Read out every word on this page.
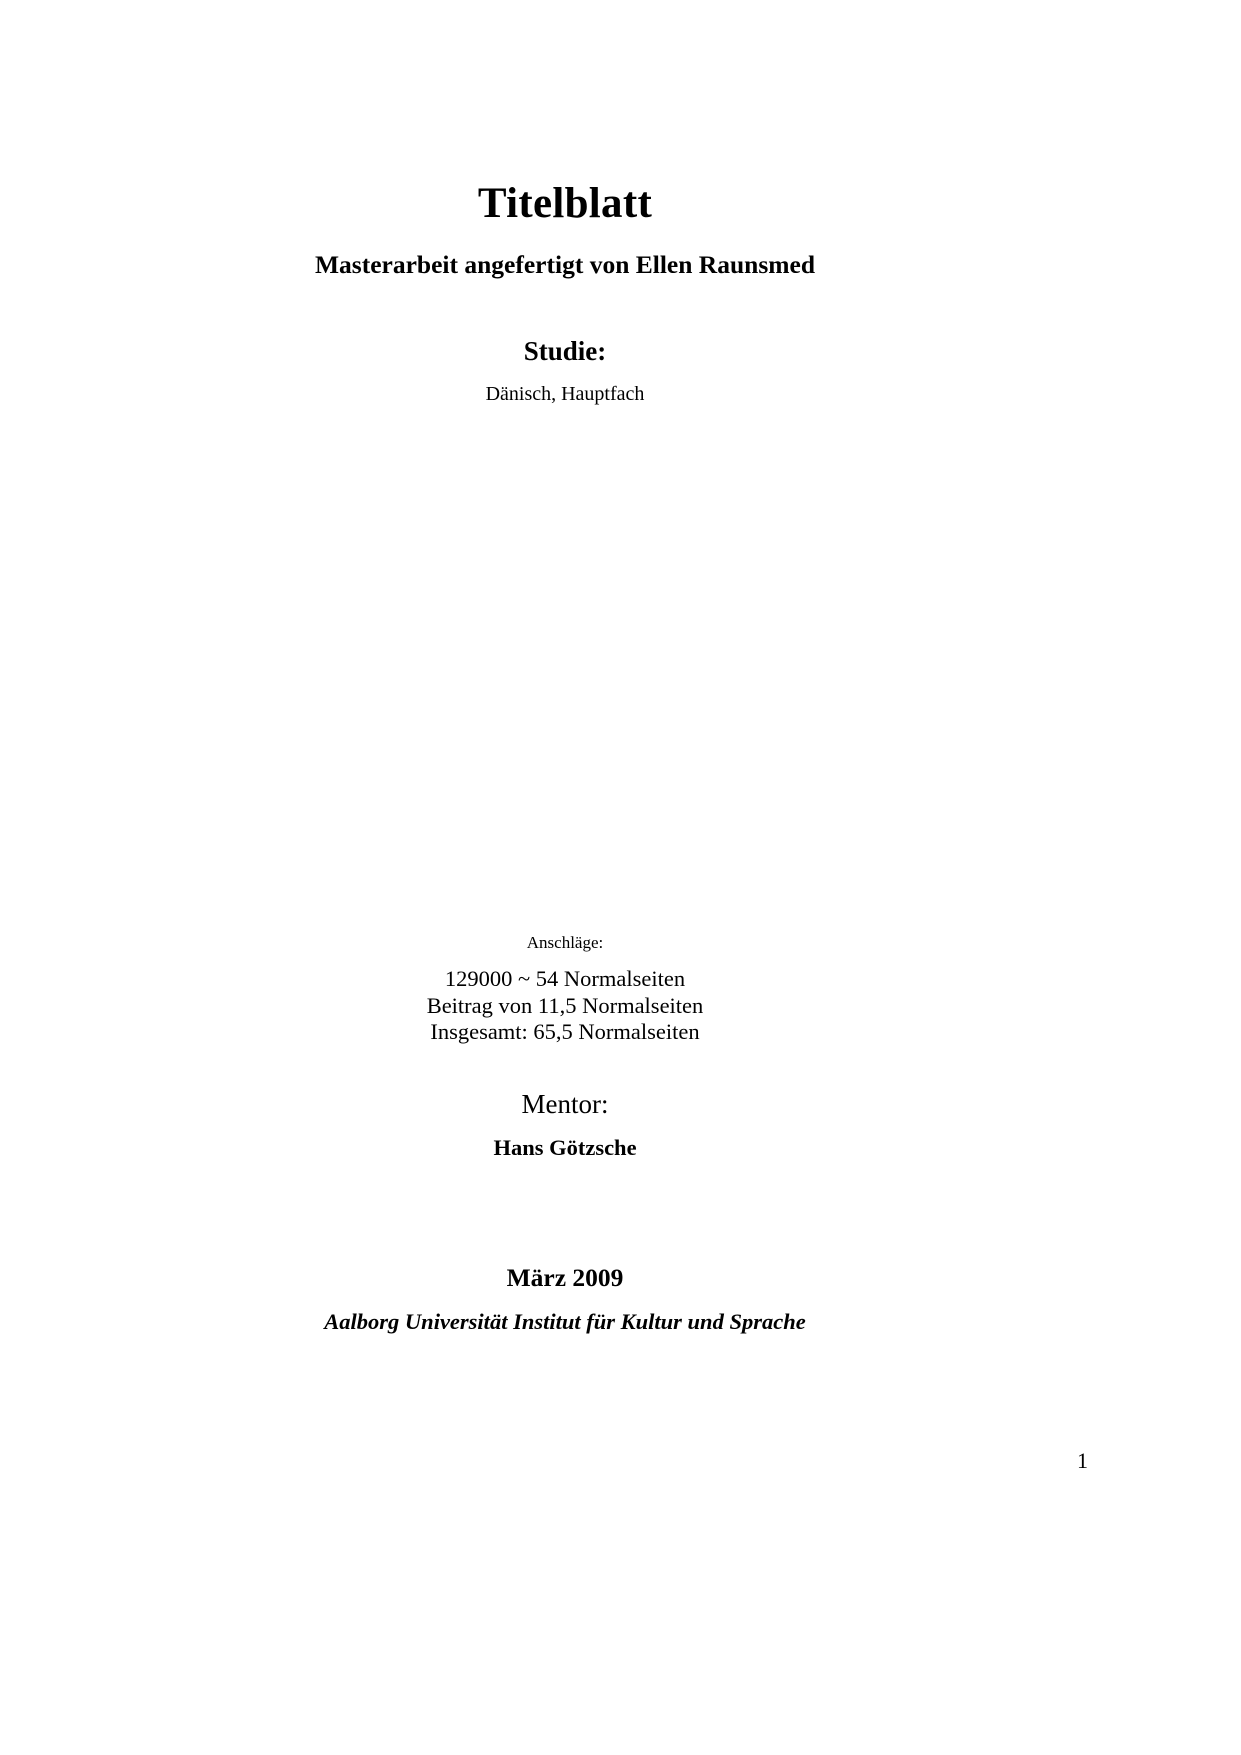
Titelblatt
Masterarbeit angefertigt von Ellen Raunsmed
Studie:
Dänisch, Hauptfach
Anschläge:
129000 ~ 54 Normalseiten
Beitrag von 11,5 Normalseiten
Insgesamt: 65,5 Normalseiten
Mentor:
Hans Götzsche
März 2009
Aalborg Universität Institut für Kultur und Sprache
1
